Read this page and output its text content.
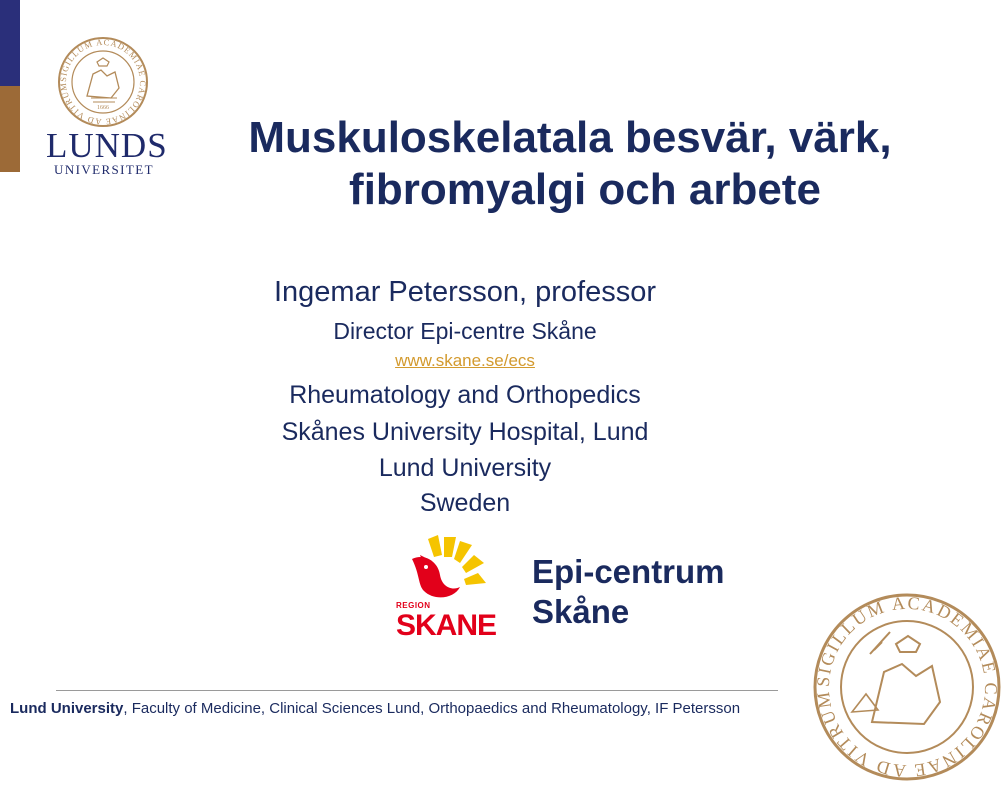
SIGILLUM ACADEMIAE CAROLINAE AD VITRUM
1666
LUNDS
UNIVERSITET
Muskuloskelatala besvär, värk,
fibromyalgi och arbete
Ingemar Petersson, professor
Director Epi-centre Skåne
www.skane.se/ecs
Rheumatology and Orthopedics
Skånes University Hospital, Lund
Lund University
Sweden
REGION
SKANE
Epi-centrum
Skåne
SIGILLUM ACADEMIAE CAROLINAE AD VITRUM
Lund University, Faculty of Medicine, Clinical Sciences Lund, Orthopaedics and Rheumatology, IF Petersson
